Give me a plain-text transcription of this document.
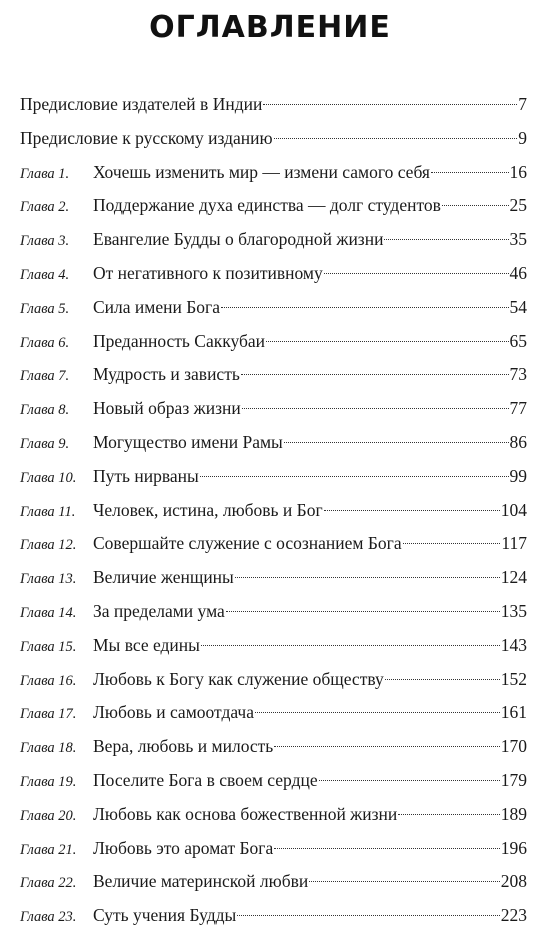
ОГЛАВЛЕНИЕ
Предисловие издателей в Индии	7
Предисловие к русскому изданию	9
Глава 1.	Хочешь изменить мир — измени самого себя	16
Глава 2.	Поддержание духа единства — долг студентов	25
Глава 3.	Евангелие Будды о благородной жизни	35
Глава 4.	От негативного к позитивному	46
Глава 5.	Сила имени Бога	54
Глава 6.	Преданность Саккубаи	65
Глава 7.	Мудрость и зависть	73
Глава 8.	Новый образ жизни	77
Глава 9.	Могущество имени Рамы	86
Глава 10. Путь нирваны	99
Глава 11.	Человек, истина, любовь и Бог	104
Глава 12. Совершайте служение с осознанием Бога	117
Глава 13. Величие женщины	124
Глава 14. За пределами ума	135
Глава 15. Мы все едины	143
Глава 16. Любовь к Богу как служение обществу	152
Глава 17. Любовь и самоотдача	161
Глава 18. Вера, любовь и милость	170
Глава 19. Поселите Бога в своем сердце	179
Глава 20. Любовь как основа божественной жизни	189
Глава 21. Любовь это аромат Бога	196
Глава 22. Величие материнской любви	208
Глава 23. Суть учения Будды	223
